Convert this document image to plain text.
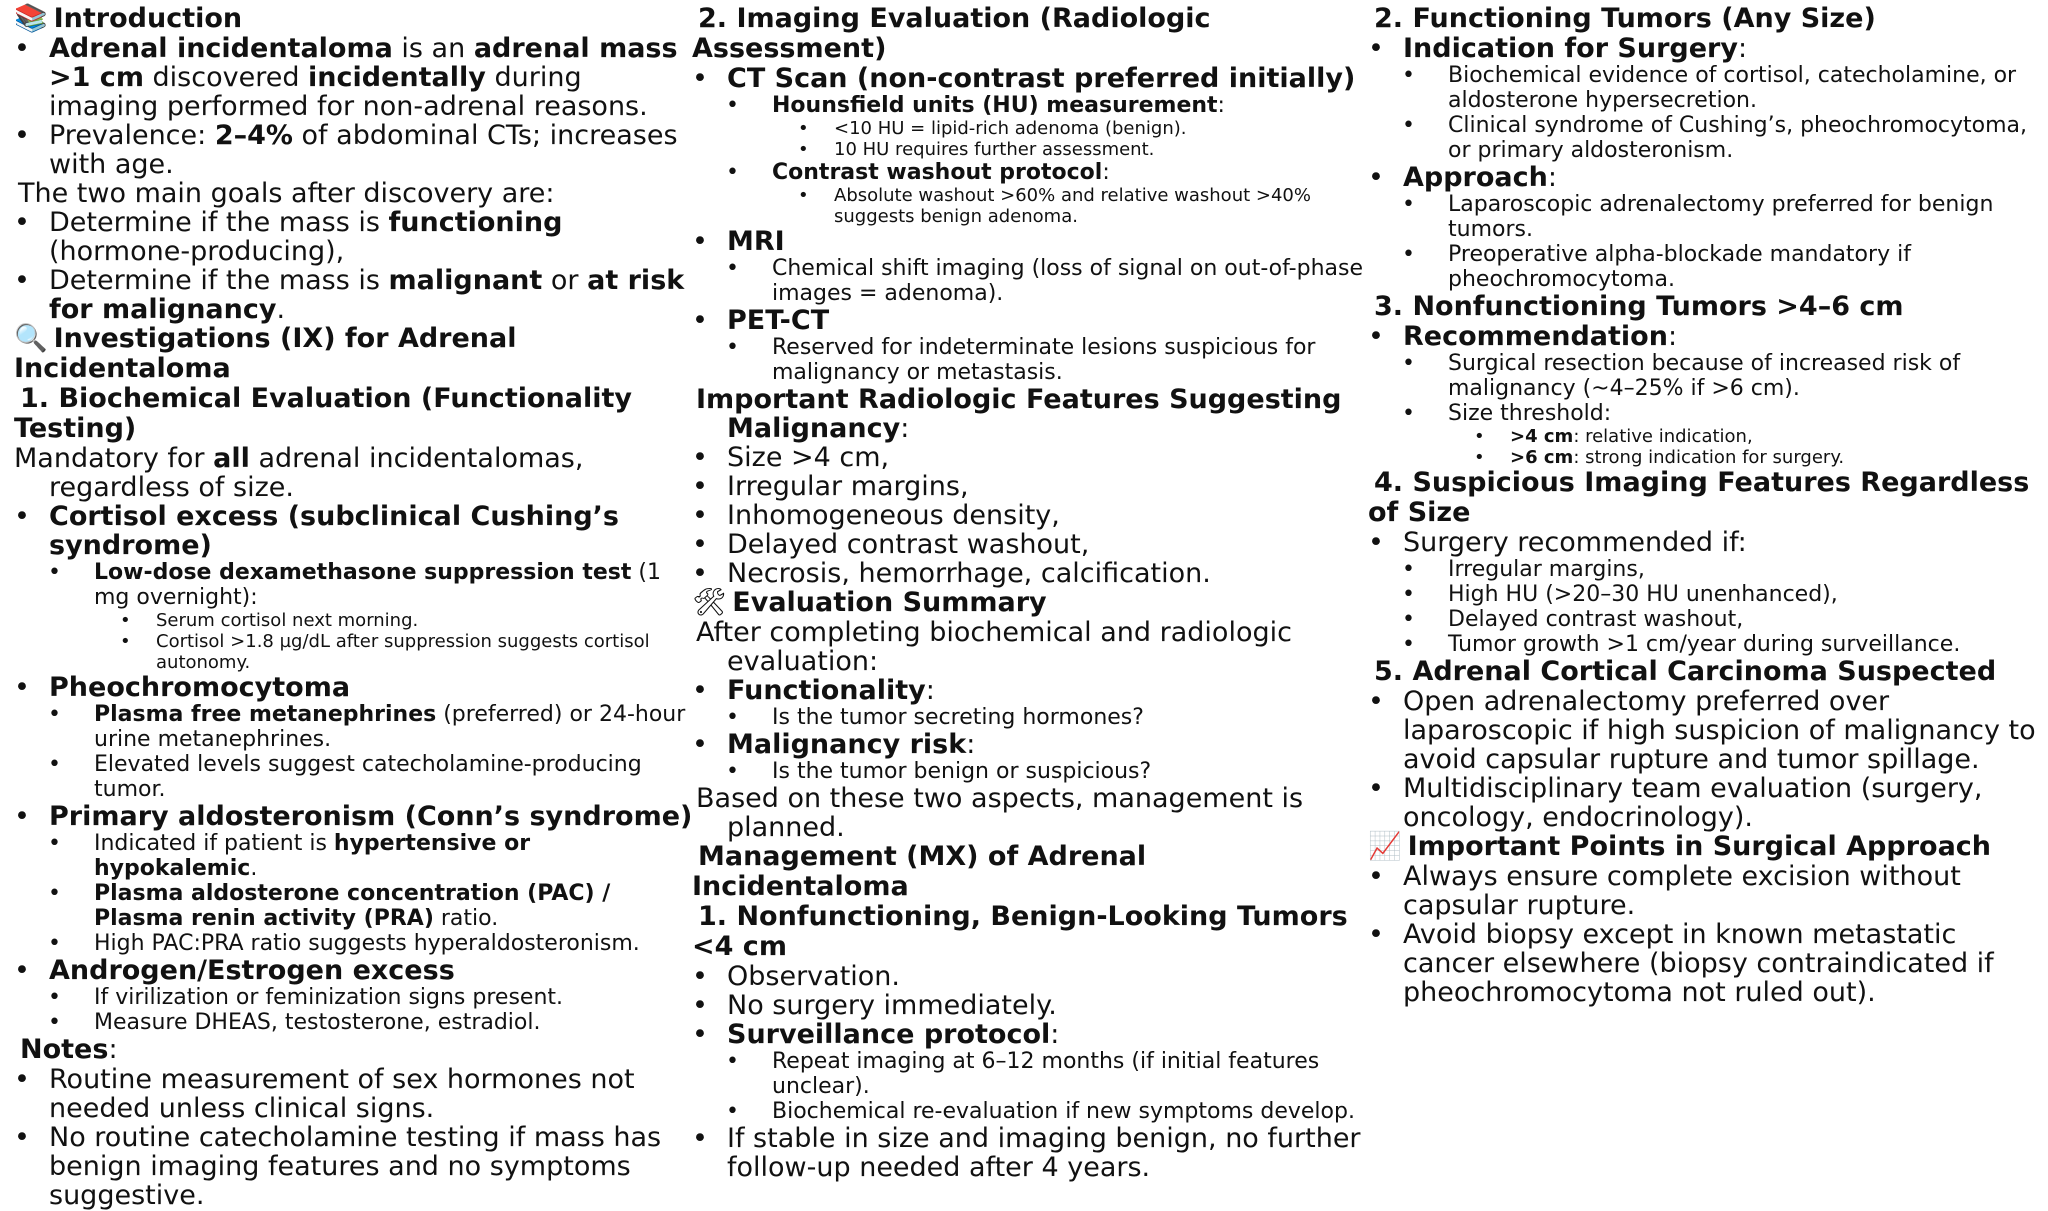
📚 Introduction
• Adrenal incidentaloma is an adrenal mass >1 cm discovered incidentally during imaging performed for non-adrenal reasons.
• Prevalence: 2–4% of abdominal CTs; increases with age.
The two main goals after discovery are:
• Determine if the mass is functioning (hormone-producing),
• Determine if the mass is malignant or at risk for malignancy.
🔍 Investigations (IX) for Adrenal Incidentaloma
1. Biochemical Evaluation (Functionality Testing)
Mandatory for all adrenal incidentalomas, regardless of size.
• Cortisol excess (subclinical Cushing’s syndrome)
• Low-dose dexamethasone suppression test (1 mg overnight):
• Serum cortisol next morning.
• Cortisol >1.8 µg/dL after suppression suggests cortisol autonomy.
• Pheochromocytoma
• Plasma free metanephrines (preferred) or 24-hour urine metanephrines.
• Elevated levels suggest catecholamine-producing tumor.
• Primary aldosteronism (Conn’s syndrome)
• Indicated if patient is hypertensive or hypokalemic.
• Plasma aldosterone concentration (PAC) / Plasma renin activity (PRA) ratio.
• High PAC:PRA ratio suggests hyperaldosteronism.
• Androgen/Estrogen excess
• If virilization or feminization signs present.
• Measure DHEAS, testosterone, estradiol.
Notes:
• Routine measurement of sex hormones not needed unless clinical signs.
• No routine catecholamine testing if mass has benign imaging features and no symptoms suggestive.
2. Imaging Evaluation (Radiologic Assessment)
• CT Scan (non-contrast preferred initially)
• Hounsfield units (HU) measurement:
• <10 HU = lipid-rich adenoma (benign).
• 10 HU requires further assessment.
• Contrast washout protocol:
• Absolute washout >60% and relative washout >40% suggests benign adenoma.
• MRI
• Chemical shift imaging (loss of signal on out-of-phase images = adenoma).
• PET-CT
• Reserved for indeterminate lesions suspicious for malignancy or metastasis.
Important Radiologic Features Suggesting Malignancy:
• Size >4 cm,
• Irregular margins,
• Inhomogeneous density,
• Delayed contrast washout,
• Necrosis, hemorrhage, calcification.
🛠 Evaluation Summary
After completing biochemical and radiologic evaluation:
• Functionality:
• Is the tumor secreting hormones?
• Malignancy risk:
• Is the tumor benign or suspicious?
Based on these two aspects, management is planned.
Management (MX) of Adrenal Incidentaloma
1. Nonfunctioning, Benign-Looking Tumors <4 cm
• Observation.
• No surgery immediately.
• Surveillance protocol:
• Repeat imaging at 6–12 months (if initial features unclear).
• Biochemical re-evaluation if new symptoms develop.
• If stable in size and imaging benign, no further follow-up needed after 4 years.
2. Functioning Tumors (Any Size)
• Indication for Surgery:
• Biochemical evidence of cortisol, catecholamine, or aldosterone hypersecretion.
• Clinical syndrome of Cushing’s, pheochromocytoma, or primary aldosteronism.
• Approach:
• Laparoscopic adrenalectomy preferred for benign tumors.
• Preoperative alpha-blockade mandatory if pheochromocytoma.
3. Nonfunctioning Tumors >4–6 cm
• Recommendation:
• Surgical resection because of increased risk of malignancy (~4–25% if >6 cm).
• Size threshold:
• >4 cm: relative indication,
• >6 cm: strong indication for surgery.
4. Suspicious Imaging Features Regardless of Size
• Surgery recommended if:
• Irregular margins,
• High HU (>20–30 HU unenhanced),
• Delayed contrast washout,
• Tumor growth >1 cm/year during surveillance.
5. Adrenal Cortical Carcinoma Suspected
• Open adrenalectomy preferred over laparoscopic if high suspicion of malignancy to avoid capsular rupture and tumor spillage.
• Multidisciplinary team evaluation (surgery, oncology, endocrinology).
📈 Important Points in Surgical Approach
• Always ensure complete excision without capsular rupture.
• Avoid biopsy except in known metastatic cancer elsewhere (biopsy contraindicated if pheochromocytoma not ruled out).
